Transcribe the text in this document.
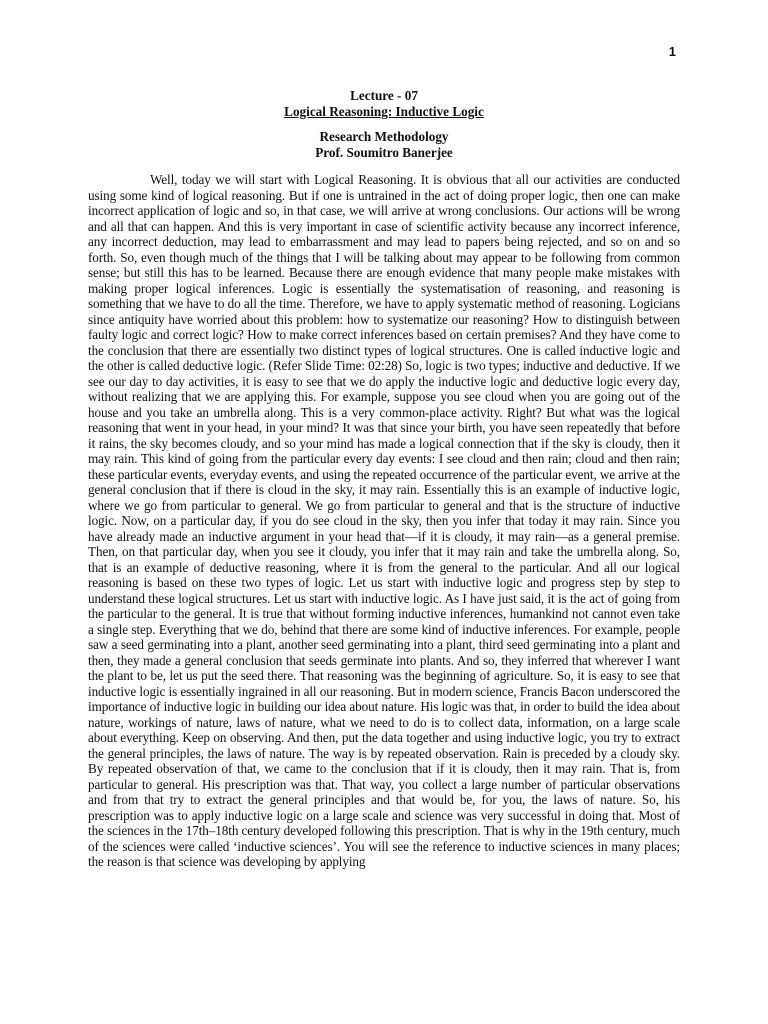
1
Lecture - 07
Logical Reasoning: Inductive Logic
Research Methodology
Prof. Soumitro Banerjee
Well, today we will start with Logical Reasoning. It is obvious that all our activities are conducted using some kind of logical reasoning. But if one is untrained in the act of doing proper logic, then one can make incorrect application of logic and so, in that case, we will arrive at wrong conclusions. Our actions will be wrong and all that can happen. And this is very important in case of scientific activity because any incorrect inference, any incorrect deduction, may lead to embarrassment and may lead to papers being rejected, and so on and so forth. So, even though much of the things that I will be talking about may appear to be following from common sense; but still this has to be learned. Because there are enough evidence that many people make mistakes with making proper logical inferences. Logic is essentially the systematisation of reasoning, and reasoning is something that we have to do all the time. Therefore, we have to apply systematic method of reasoning. Logicians since antiquity have worried about this problem: how to systematize our reasoning? How to distinguish between faulty logic and correct logic? How to make correct inferences based on certain premises? And they have come to the conclusion that there are essentially two distinct types of logical structures. One is called inductive logic and the other is called deductive logic. (Refer Slide Time: 02:28) So, logic is two types; inductive and deductive. If we see our day to day activities, it is easy to see that we do apply the inductive logic and deductive logic every day, without realizing that we are applying this. For example, suppose you see cloud when you are going out of the house and you take an umbrella along. This is a very common-place activity. Right? But what was the logical reasoning that went in your head, in your mind? It was that since your birth, you have seen repeatedly that before it rains, the sky becomes cloudy, and so your mind has made a logical connection that if the sky is cloudy, then it may rain. This kind of going from the particular every day events: I see cloud and then rain; cloud and then rain; these particular events, everyday events, and using the repeated occurrence of the particular event, we arrive at the general conclusion that if there is cloud in the sky, it may rain. Essentially this is an example of inductive logic, where we go from particular to general. We go from particular to general and that is the structure of inductive logic. Now, on a particular day, if you do see cloud in the sky, then you infer that today it may rain. Since you have already made an inductive argument in your head that—if it is cloudy, it may rain—as a general premise. Then, on that particular day, when you see it cloudy, you infer that it may rain and take the umbrella along. So, that is an example of deductive reasoning, where it is from the general to the particular. And all our logical reasoning is based on these two types of logic. Let us start with inductive logic and progress step by step to understand these logical structures. Let us start with inductive logic. As I have just said, it is the act of going from the particular to the general. It is true that without forming inductive inferences, humankind not cannot even take a single step. Everything that we do, behind that there are some kind of inductive inferences. For example, people saw a seed germinating into a plant, another seed germinating into a plant, third seed germinating into a plant and then, they made a general conclusion that seeds germinate into plants. And so, they inferred that wherever I want the plant to be, let us put the seed there. That reasoning was the beginning of agriculture. So, it is easy to see that inductive logic is essentially ingrained in all our reasoning. But in modern science, Francis Bacon underscored the importance of inductive logic in building our idea about nature. His logic was that, in order to build the idea about nature, workings of nature, laws of nature, what we need to do is to collect data, information, on a large scale about everything. Keep on observing. And then, put the data together and using inductive logic, you try to extract the general principles, the laws of nature. The way is by repeated observation. Rain is preceded by a cloudy sky. By repeated observation of that, we came to the conclusion that if it is cloudy, then it may rain. That is, from particular to general. His prescription was that. That way, you collect a large number of particular observations and from that try to extract the general principles and that would be, for you, the laws of nature. So, his prescription was to apply inductive logic on a large scale and science was very successful in doing that. Most of the sciences in the 17th–18th century developed following this prescription. That is why in the 19th century, much of the sciences were called ‘inductive sciences’. You will see the reference to inductive sciences in many places; the reason is that science was developing by applying
